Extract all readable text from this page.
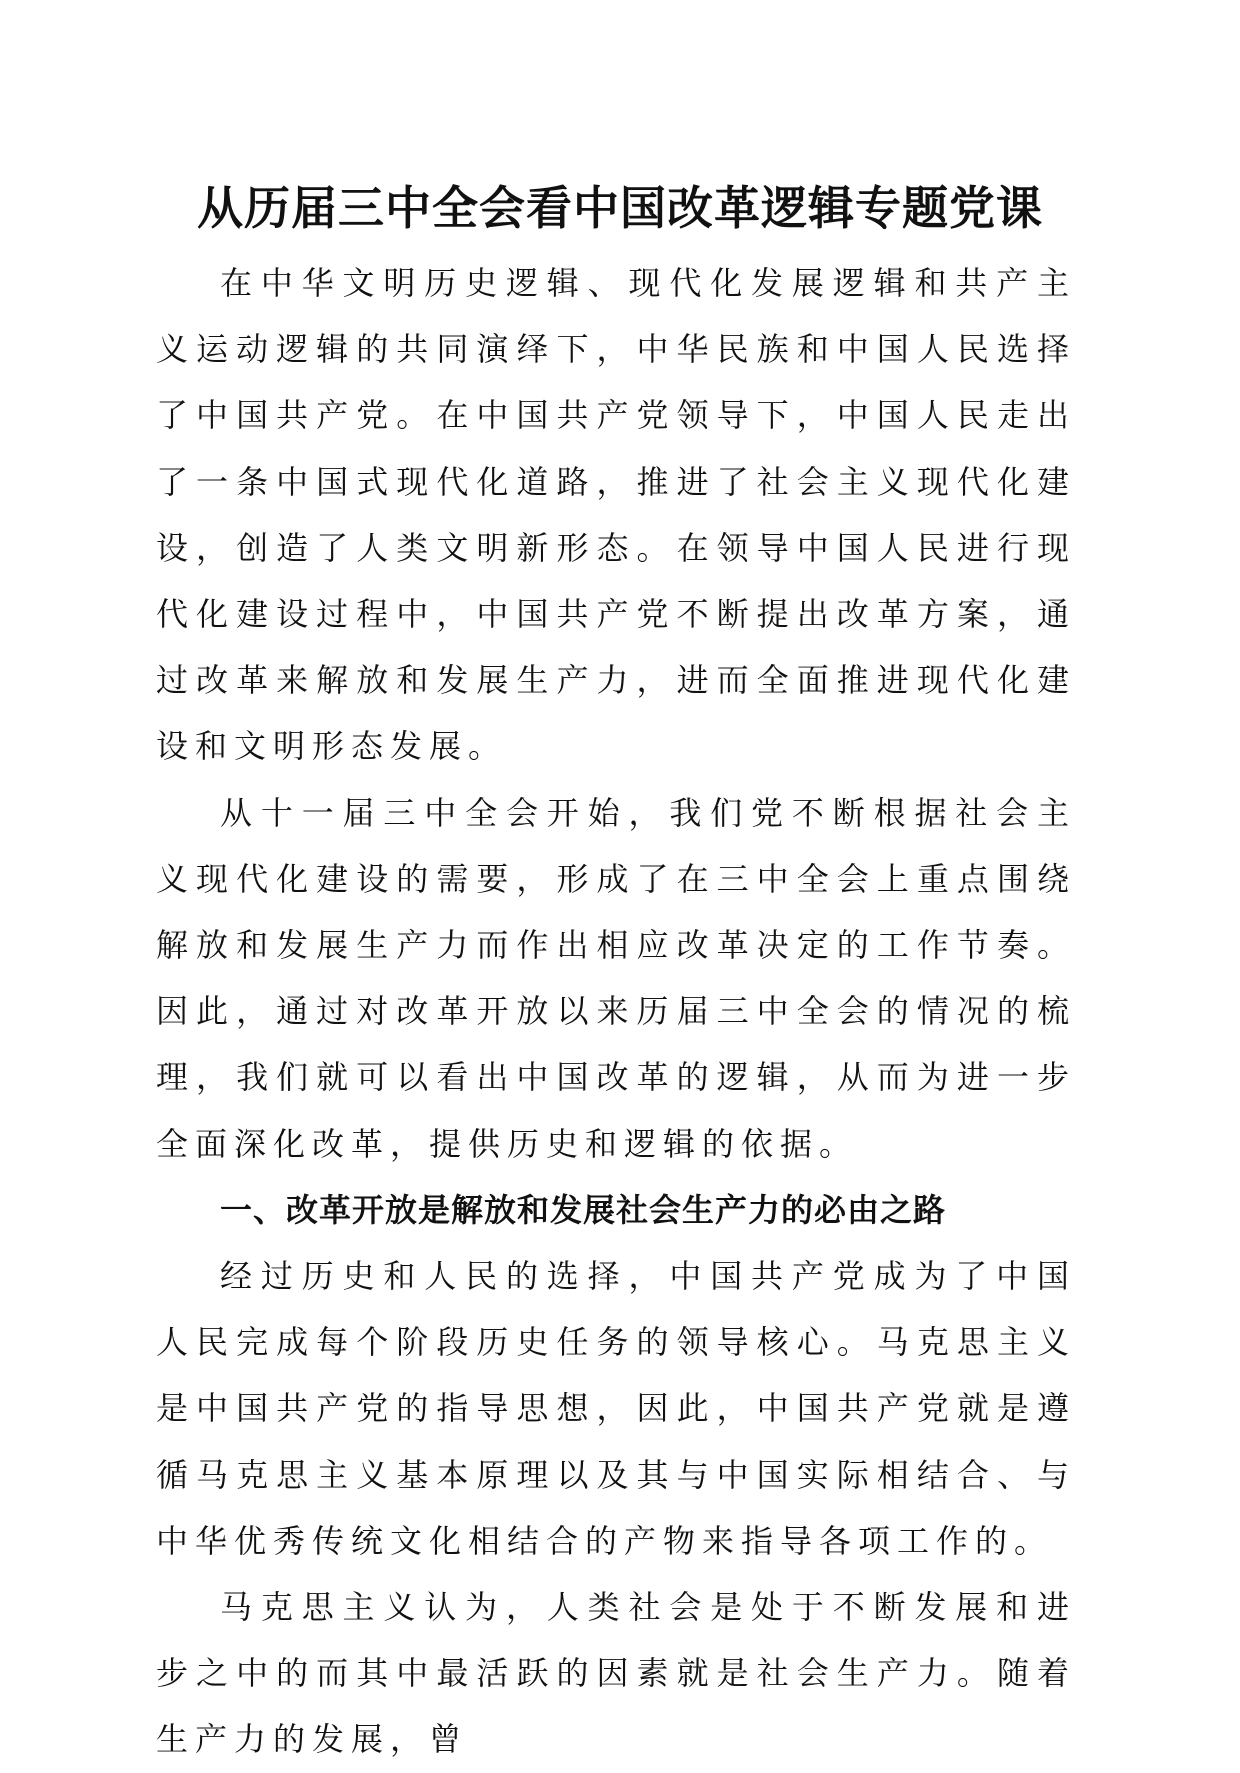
从历届三中全会看中国改革逻辑专题党课

在中华文明历史逻辑、现代化发展逻辑和共产主义运动逻辑的共同演绎下，中华民族和中国人民选择了中国共产党。在中国共产党领导下，中国人民走出了一条中国式现代化道路，推进了社会主义现代化建设，创造了人类文明新形态。在领导中国人民进行现代化建设过程中，中国共产党不断提出改革方案，通过改革来解放和发展生产力，进而全面推进现代化建设和文明形态发展。

从十一届三中全会开始，我们党不断根据社会主义现代化建设的需要，形成了在三中全会上重点围绕解放和发展生产力而作出相应改革决定的工作节奏。因此，通过对改革开放以来历届三中全会的情况的梳理，我们就可以看出中国改革的逻辑，从而为进一步全面深化改革，提供历史和逻辑的依据。

一、改革开放是解放和发展社会生产力的必由之路

经过历史和人民的选择，中国共产党成为了中国人民完成每个阶段历史任务的领导核心。马克思主义是中国共产党的指导思想，因此，中国共产党就是遵循马克思主义基本原理以及其与中国实际相结合、与中华优秀传统文化相结合的产物来指导各项工作的。

马克思主义认为，人类社会是处于不断发展和进步之中的而其中最活跃的因素就是社会生产力。随着生产力的发展，曾
